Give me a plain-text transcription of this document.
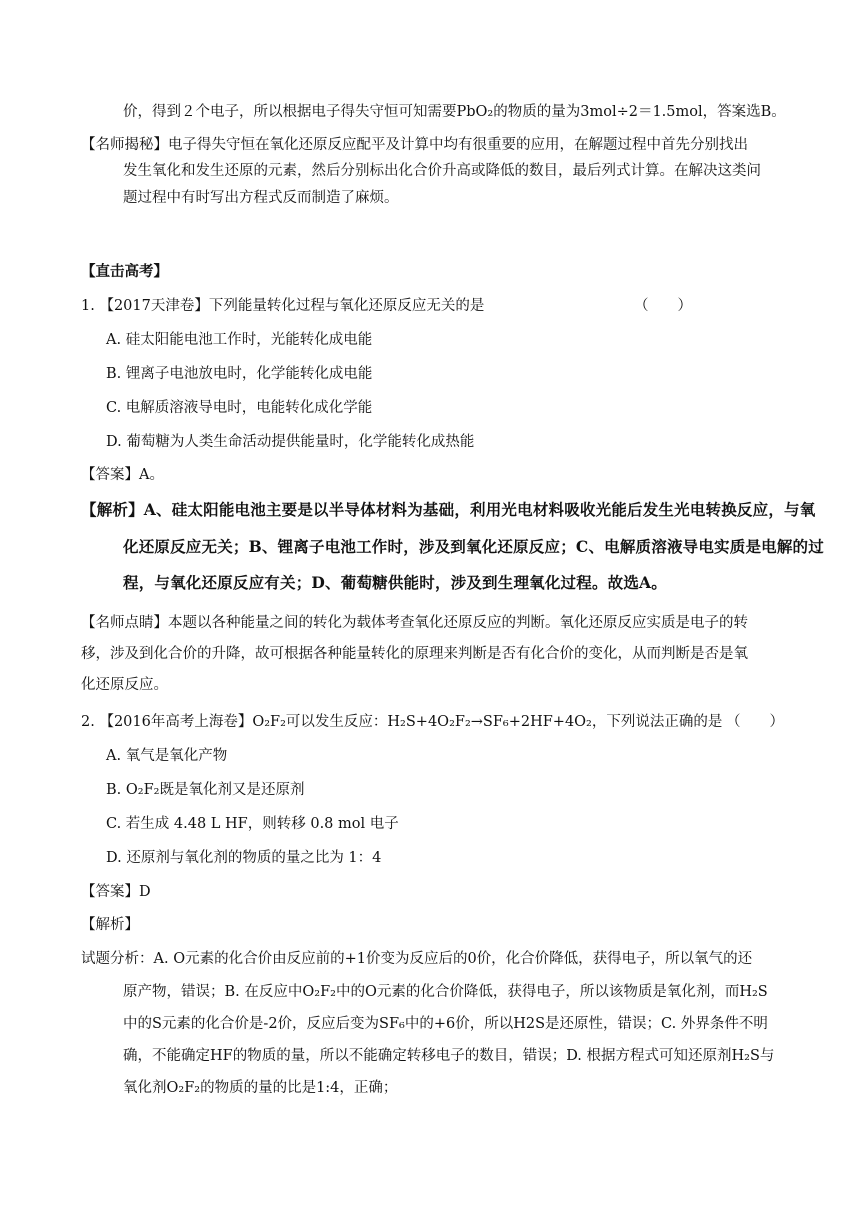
价，得到２个电子，所以根据电子得失守恒可知需要PbO₂的物质的量为3mol÷2＝1.5mol，答案选B。
【名师揭秘】电子得失守恒在氧化还原反应配平及计算中均有很重要的应用，在解题过程中首先分别找出
发生氧化和发生还原的元素，然后分别标出化合价升高或降低的数目，最后列式计算。在解决这类问
题过程中有时写出方程式反而制造了麻烦。
【直击高考】
1. 【2017天津卷】下列能量转化过程与氧化还原反应无关的是	（　　）
A. 硅太阳能电池工作时，光能转化成电能
B. 锂离子电池放电时，化学能转化成电能
C. 电解质溶液导电时，电能转化成化学能
D. 葡萄糖为人类生命活动提供能量时，化学能转化成热能
【答案】A。
【解析】A、硅太阳能电池主要是以半导体材料为基础，利用光电材料吸收光能后发生光电转换反应，与氧
化还原反应无关；B、锂离子电池工作时，涉及到氧化还原反应；C、电解质溶液导电实质是电解的过
程，与氧化还原反应有关；D、葡萄糖供能时，涉及到生理氧化过程。故选A。
【名师点睛】本题以各种能量之间的转化为载体考查氧化还原反应的判断。氧化还原反应实质是电子的转
移，涉及到化合价的升降，故可根据各种能量转化的原理来判断是否有化合价的变化，从而判断是否是氧
化还原反应。
2. 【2016年高考上海卷】O₂F₂可以发生反应：H₂S+4O₂F₂→SF₆+2HF+4O₂，下列说法正确的是 （　　）
A. 氧气是氧化产物
B. O₂F₂既是氧化剂又是还原剂
C. 若生成 4.48 L HF，则转移 0.8 mol 电子
D. 还原剂与氧化剂的物质的量之比为 1：4
【答案】D
【解析】
试题分析：A. O元素的化合价由反应前的+1价变为反应后的0价，化合价降低，获得电子，所以氧气的还
原产物，错误；B. 在反应中O₂F₂中的O元素的化合价降低，获得电子，所以该物质是氧化剂，而H₂S
中的S元素的化合价是-2价，反应后变为SF₆中的+6价，所以H2S是还原性，错误；C. 外界条件不明
确，不能确定HF的物质的量，所以不能确定转移电子的数目，错误；D. 根据方程式可知还原剂H₂S与
氧化剂O₂F₂的物质的量的比是1:4，正确；
